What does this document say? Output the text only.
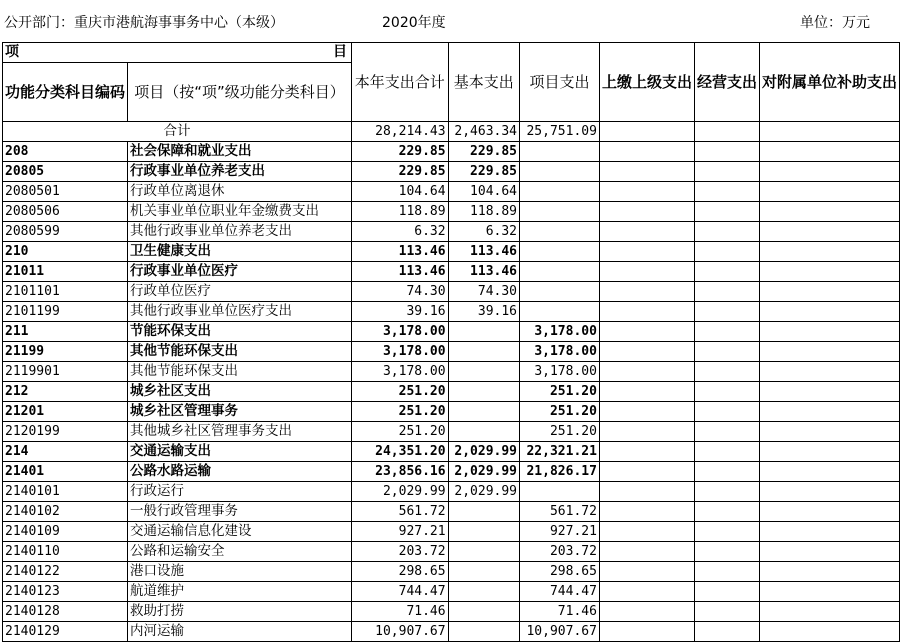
公开部门：重庆市港航海事事务中心（本级）	2020年度	单位：万元
项 目		本年支出合计	基本支出	项目支出	上缴上级支出	经营支出	对附属单位补助支出
功能分类科目编码	项目（按“项”级功能分类科目）						
合计		28,214.43	2,463.34	25,751.09			
208	社会保障和就业支出	229.85	229.85				
20805	行政事业单位养老支出	229.85	229.85				
2080501	行政单位离退休	104.64	104.64				
2080506	机关事业单位职业年金缴费支出	118.89	118.89				
2080599	其他行政事业单位养老支出	6.32	6.32				
210	卫生健康支出	113.46	113.46				
21011	行政事业单位医疗	113.46	113.46				
2101101	行政单位医疗	74.30	74.30				
2101199	其他行政事业单位医疗支出	39.16	39.16				
211	节能环保支出	3,178.00		3,178.00			
21199	其他节能环保支出	3,178.00		3,178.00			
2119901	其他节能环保支出	3,178.00		3,178.00			
212	城乡社区支出	251.20		251.20			
21201	城乡社区管理事务	251.20		251.20			
2120199	其他城乡社区管理事务支出	251.20		251.20			
214	交通运输支出	24,351.20	2,029.99	22,321.21			
21401	公路水路运输	23,856.16	2,029.99	21,826.17			
2140101	行政运行	2,029.99	2,029.99				
2140102	一般行政管理事务	561.72		561.72			
2140109	交通运输信息化建设	927.21		927.21			
2140110	公路和运输安全	203.72		203.72			
2140122	港口设施	298.65		298.65			
2140123	航道维护	744.47		744.47			
2140128	救助打捞	71.46		71.46			
2140129	内河运输	10,907.67		10,907.67			
